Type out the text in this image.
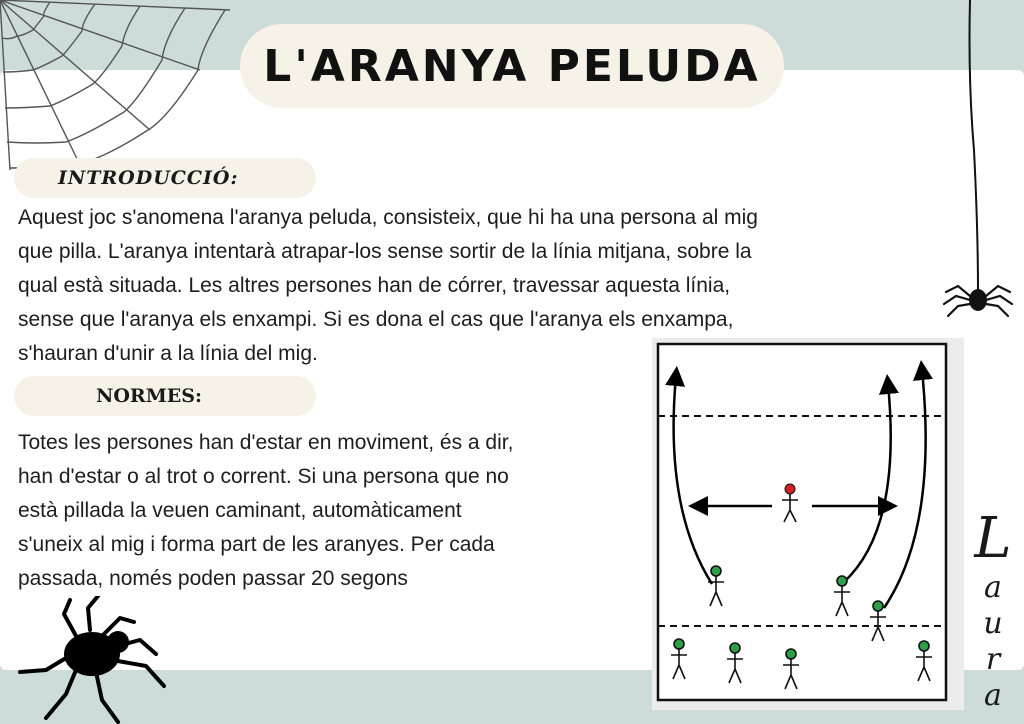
L'ARANYA PELUDA
INTRODUCCIÓ:

Aquest joc s'anomena l'aranya peluda, consisteix, que hi ha una persona al mig
que pilla. L'aranya intentarà atrapar-los sense sortir de la línia mitjana, sobre la
qual està situada. Les altres persones han de córrer, travessar aquesta línia,
sense que l'aranya els enxampi. Si es dona el cas que l'aranya els enxampa,
s'hauran d'unir a la línia del mig.

NORMES:

Totes les persones han d'estar en moviment, és a dir,
han d'estar o al trot o corrent. Si una persona que no
està pillada la veuen caminant, automàticament
s'uneix al mig i forma part de les aranyes. Per cada
passada, només poden passar 20 segons

L
a
u
r
a
